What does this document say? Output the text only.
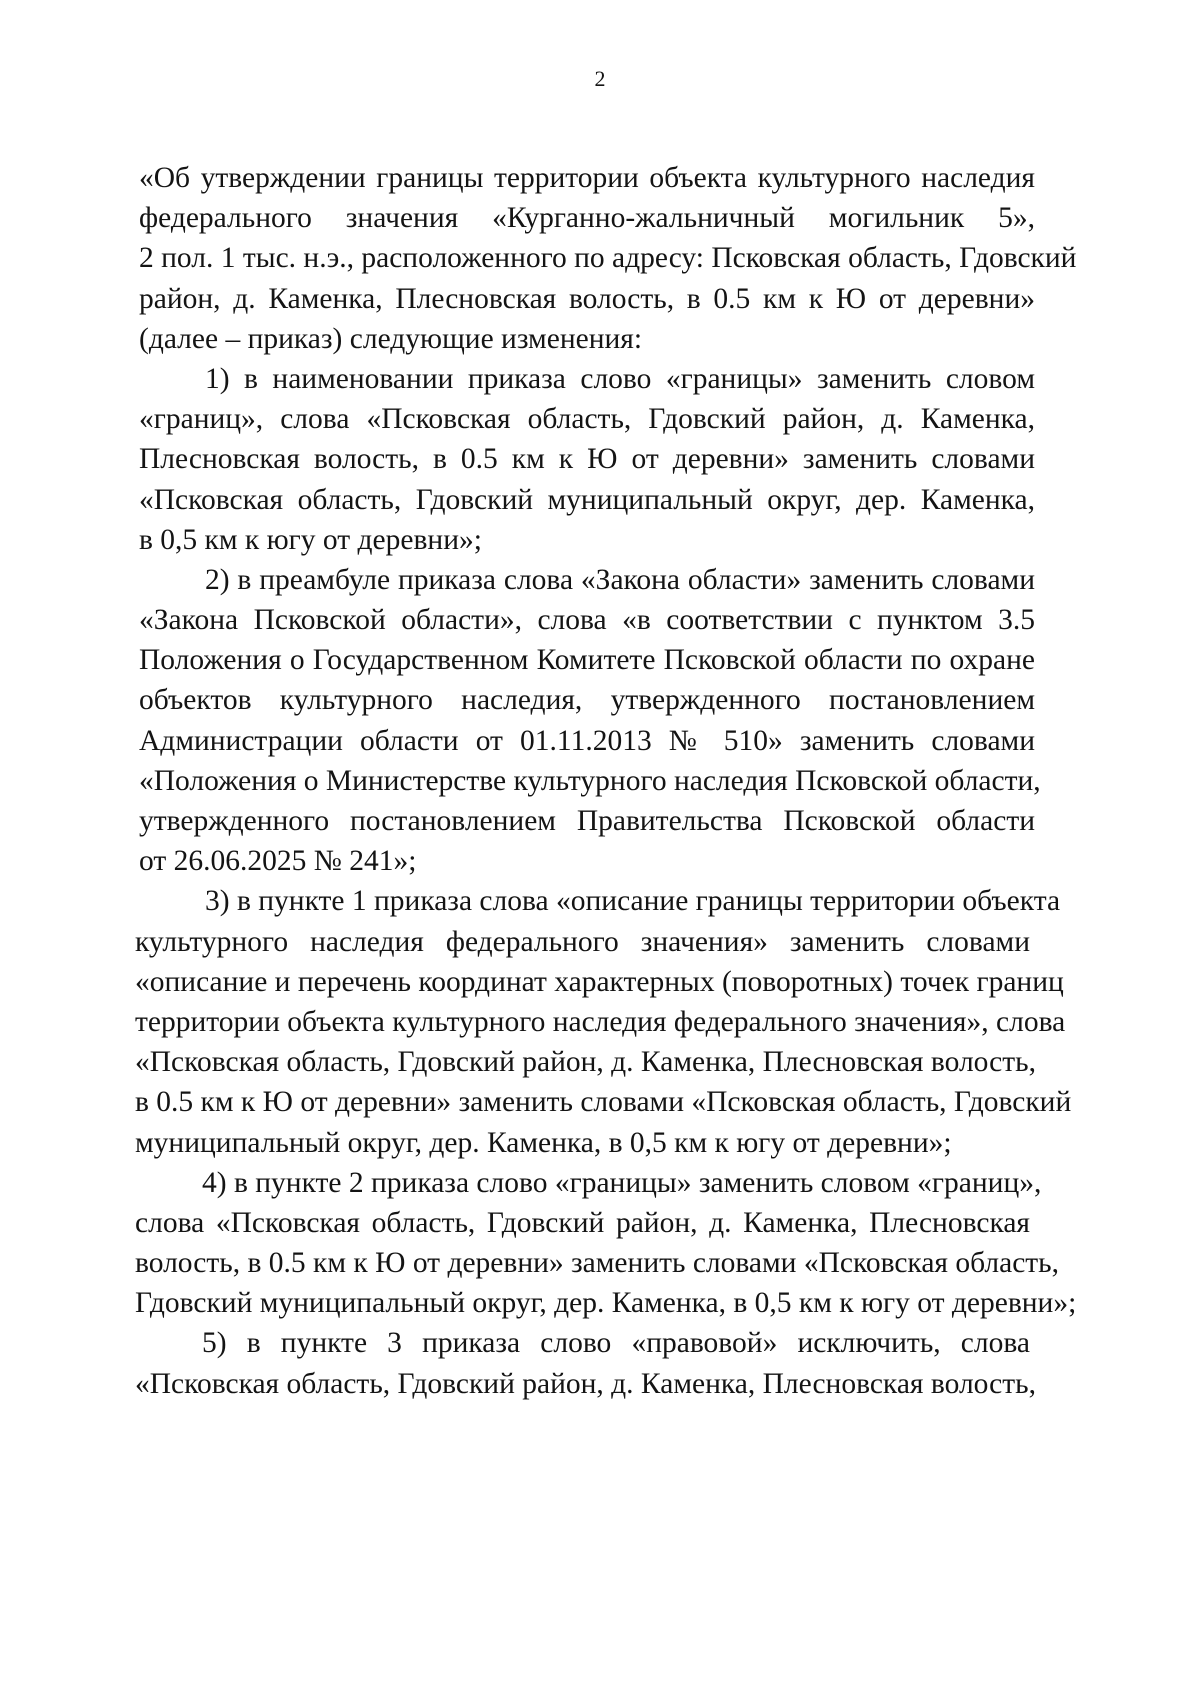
2
«Об утверждении границы территории объекта культурного наследия
федерального значения «Курганно-жальничный могильник 5»,
2 пол. 1 тыс. н.э., расположенного по адресу: Псковская область, Гдовский
район, д. Каменка, Плесновская волость, в 0.5 км к Ю от деревни»
(далее – приказ) следующие изменения:
1) в наименовании приказа слово «границы» заменить словом
«границ», слова «Псковская область, Гдовский район, д. Каменка,
Плесновская волость, в 0.5 км к Ю от деревни» заменить словами
«Псковская область, Гдовский муниципальный округ, дер. Каменка,
в 0,5 км к югу от деревни»;
2) в преамбуле приказа слова «Закона области» заменить словами
«Закона Псковской области», слова «в соответствии с пунктом 3.5
Положения о Государственном Комитете Псковской области по охране
объектов культурного наследия, утвержденного постановлением
Администрации области от 01.11.2013 № 510» заменить словами
«Положения о Министерстве культурного наследия Псковской области,
утвержденного постановлением Правительства Псковской области
от 26.06.2025 № 241»;
3) в пункте 1 приказа слова «описание границы территории объекта
культурного наследия федерального значения» заменить словами
«описание и перечень координат характерных (поворотных) точек границ
территории объекта культурного наследия федерального значения», слова
«Псковская область, Гдовский район, д. Каменка, Плесновская волость,
в 0.5 км к Ю от деревни» заменить словами «Псковская область, Гдовский
муниципальный округ, дер. Каменка, в 0,5 км к югу от деревни»;
4) в пункте 2 приказа слово «границы» заменить словом «границ»,
слова «Псковская область, Гдовский район, д. Каменка, Плесновская
волость, в 0.5 км к Ю от деревни» заменить словами «Псковская область,
Гдовский муниципальный округ, дер. Каменка, в 0,5 км к югу от деревни»;
5) в пункте 3 приказа слово «правовой» исключить, слова
«Псковская область, Гдовский район, д. Каменка, Плесновская волость,
